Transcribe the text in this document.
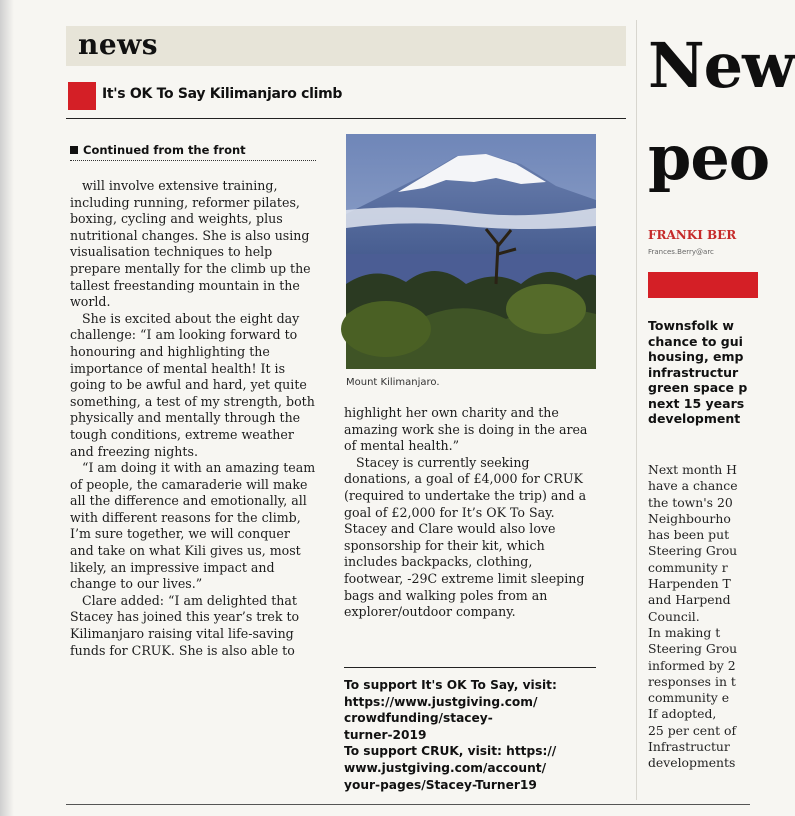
news
It's OK To Say Kilimanjaro climb
Continued from the front

will involve extensive training, including running, reformer pilates, boxing, cycling and weights, plus nutritional changes. She is also using visualisation techniques to help prepare mentally for the climb up the tallest freestanding mountain in the world.

She is excited about the eight day challenge: “I am looking forward to honouring and highlighting the importance of mental health! It is going to be awful and hard, yet quite something, a test of my strength, both physically and mentally through the tough conditions, extreme weather and freezing nights.

“I am doing it with an amazing team of people, the camaraderie will make all the difference and emotionally, all with different reasons for the climb, I’m sure together, we will conquer and take on what Kili gives us, most likely, an impressive impact and change to our lives.”

Clare added: “I am delighted that Stacey has joined this year’s trek to Kilimanjaro raising vital life-saving funds for CRUK. She is also able to

Mount Kilimanjaro.

highlight her own charity and the amazing work she is doing in the area of mental health.”

Stacey is currently seeking donations, a goal of £4,000 for CRUK (required to undertake the trip) and a goal of £2,000 for It’s OK To Say. Stacey and Clare would also love sponsorship for their kit, which includes backpacks, clothing, footwear, -29C extreme limit sleeping bags and walking poles from an explorer/outdoor company.

To support It's OK To Say, visit:
https://www.justgiving.com/
crowdfunding/stacey-
turner-2019
To support CRUK, visit: https://
www.justgiving.com/account/
your-pages/Stacey-Turner19
New
peo
FRANKI BER
Frances.Berry@arc
Townsfolk w
chance to gui
housing, emp
infrastructur
green space p
next 15 years
development
Next month H
have a chance
the town's 20
Neighbourho
has been put
Steering Grou
community r
Harpenden T
and Harpend
Council.
In making t
Steering Grou
informed by 2
responses in t
community e
If adopted,
25 per cent of
Infrastructur
developments
